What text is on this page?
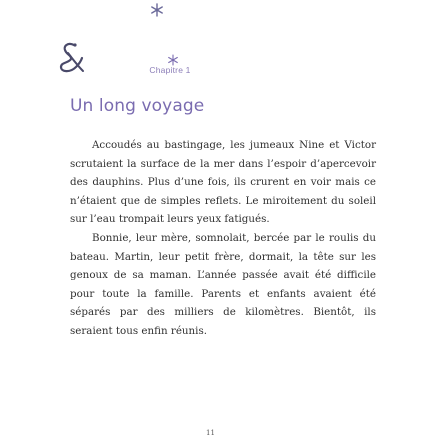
Chapitre 1
Un long voyage

Accoudés au bastingage, les jumeaux Nine et Victor scrutaient la surface de la mer dans l’espoir d’apercevoir des dauphins. Plus d’une fois, ils crurent en voir mais ce n’étaient que de simples reflets. Le miroitement du soleil sur l’eau trompait leurs yeux fatigués.

Bonnie, leur mère, somnolait, bercée par le roulis du bateau. Martin, leur petit frère, dormait, la tête sur les genoux de sa maman. L’année passée avait été difficile pour toute la famille. Parents et enfants avaient été séparés par des milliers de kilomètres. Bientôt, ils seraient tous enfin réunis.

11
